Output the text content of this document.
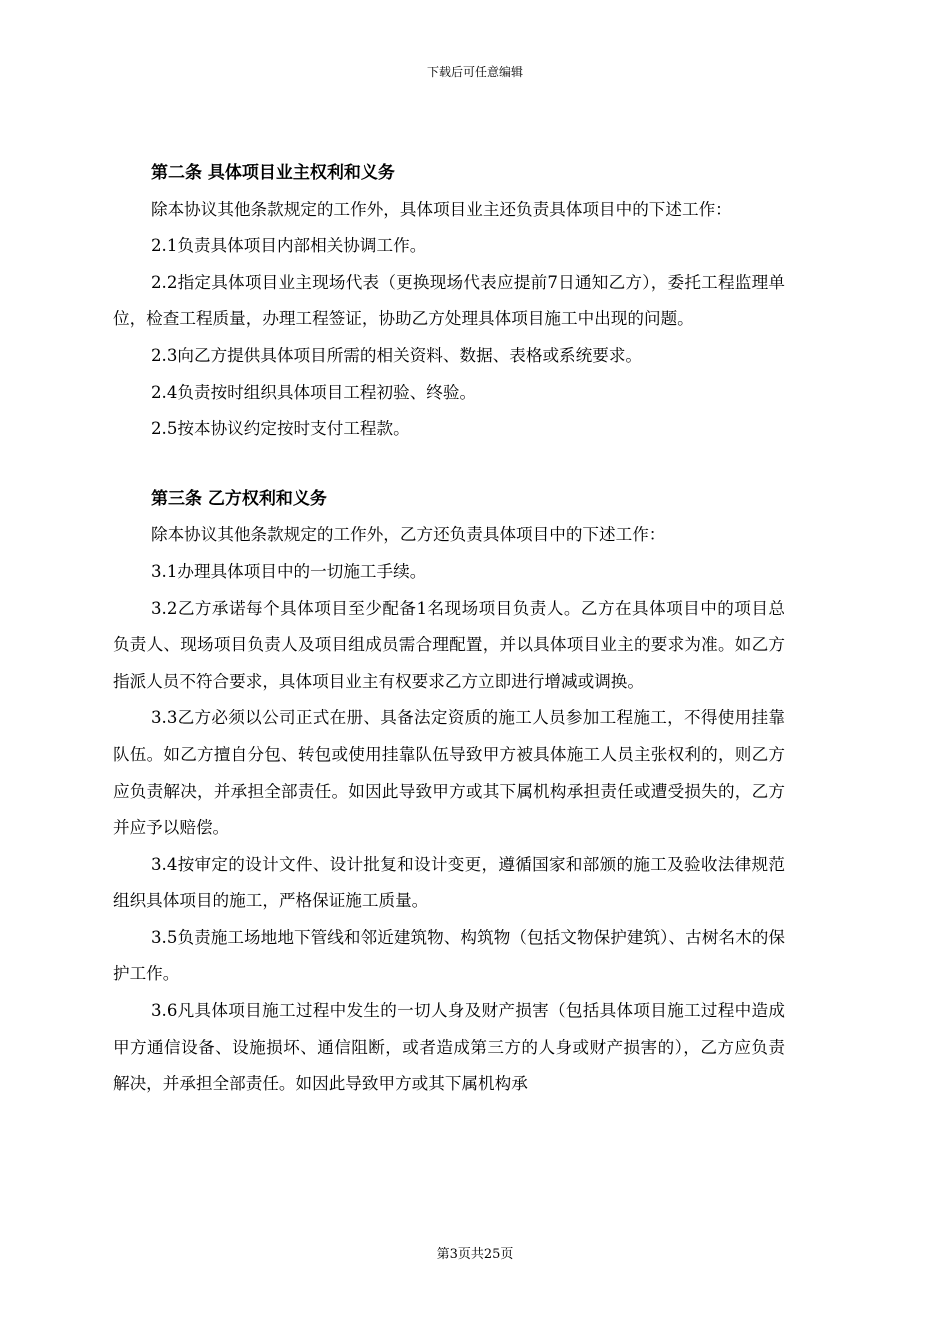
下载后可任意编辑

第二条 具体项目业主权利和义务

除本协议其他条款规定的工作外，具体项目业主还负责具体项目中的下述工作：

2.1负责具体项目内部相关协调工作。

2.2指定具体项目业主现场代表（更换现场代表应提前7日通知乙方），委托工程监理单位，检查工程质量，办理工程签证，协助乙方处理具体项目施工中出现的问题。

2.3向乙方提供具体项目所需的相关资料、数据、表格或系统要求。

2.4负责按时组织具体项目工程初验、终验。

2.5按本协议约定按时支付工程款。

第三条 乙方权利和义务

除本协议其他条款规定的工作外，乙方还负责具体项目中的下述工作：

3.1办理具体项目中的一切施工手续。

3.2乙方承诺每个具体项目至少配备1名现场项目负责人。乙方在具体项目中的项目总负责人、现场项目负责人及项目组成员需合理配置，并以具体项目业主的要求为准。如乙方指派人员不符合要求，具体项目业主有权要求乙方立即进行增减或调换。

3.3乙方必须以公司正式在册、具备法定资质的施工人员参加工程施工，不得使用挂靠队伍。如乙方擅自分包、转包或使用挂靠队伍导致甲方被具体施工人员主张权利的，则乙方应负责解决，并承担全部责任。如因此导致甲方或其下属机构承担责任或遭受损失的，乙方并应予以赔偿。

3.4按审定的设计文件、设计批复和设计变更，遵循国家和部颁的施工及验收法律规范组织具体项目的施工，严格保证施工质量。

3.5负责施工场地地下管线和邻近建筑物、构筑物（包括文物保护建筑）、古树名木的保护工作。

3.6凡具体项目施工过程中发生的一切人身及财产损害（包括具体项目施工过程中造成甲方通信设备、设施损坏、通信阻断，或者造成第三方的人身或财产损害的），乙方应负责解决，并承担全部责任。如因此导致甲方或其下属机构承

第3页共25页
